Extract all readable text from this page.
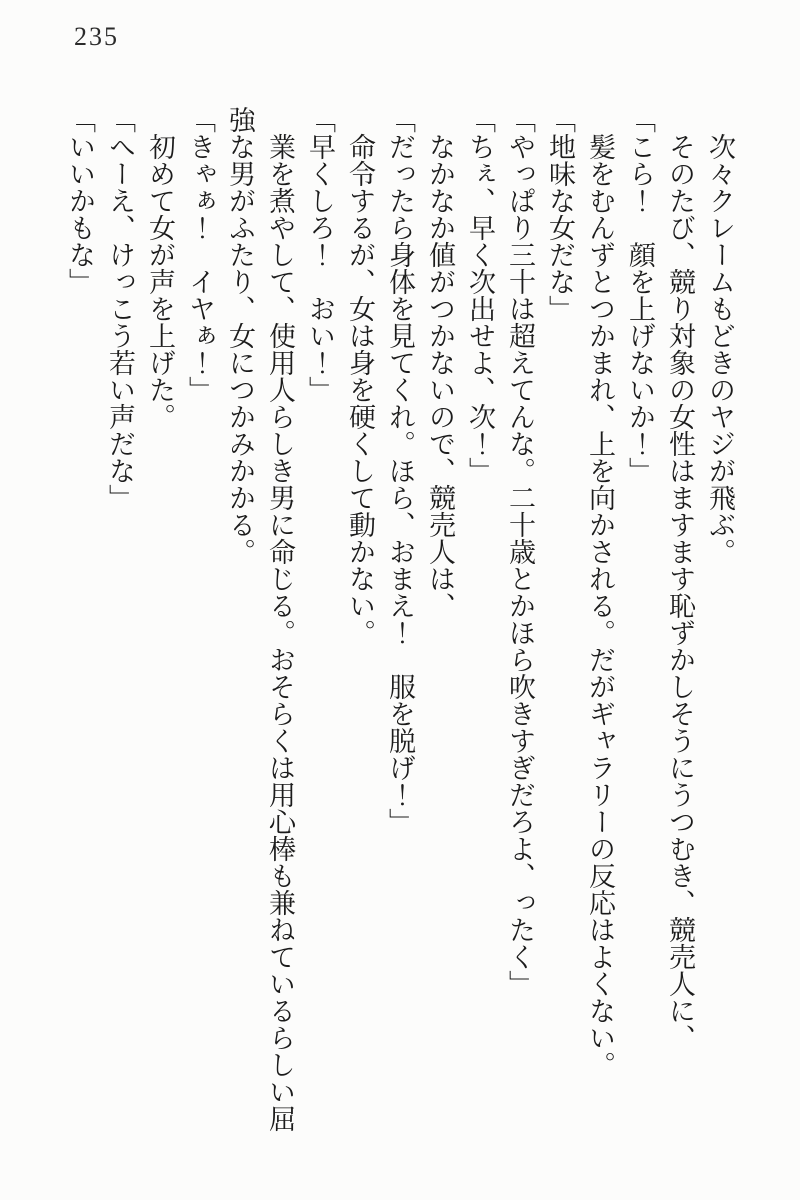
235

次々クレームもどきのヤジが飛ぶ。

そのたび、競り対象の女性はますます恥ずかしそうにうつむき、競売人に、

「こら！　顔を上げないか！」

髪をむんずとつかまれ、上を向かされる。だがギャラリーの反応はよくない。

「地味な女だな」

「やっぱり三十は超えてんな。二十歳とかほら吹きすぎだろよ、ったく」

「ちぇ、早く次出せよ、次！」

なかなか値がつかないので、競売人は、

「だったら身体を見てくれ。ほら、おまえ！　服を脱げ！」

命令するが、女は身を硬くして動かない。

「早くしろ！　おい！」

業を煮やして、使用人らしき男に命じる。おそらくは用心棒も兼ねているらしい屈強な男がふたり、女につかみかかる。

「きゃぁ！　イヤぁ！」

初めて女が声を上げた。

「へーえ、けっこう若い声だな」

「いいかもな」
